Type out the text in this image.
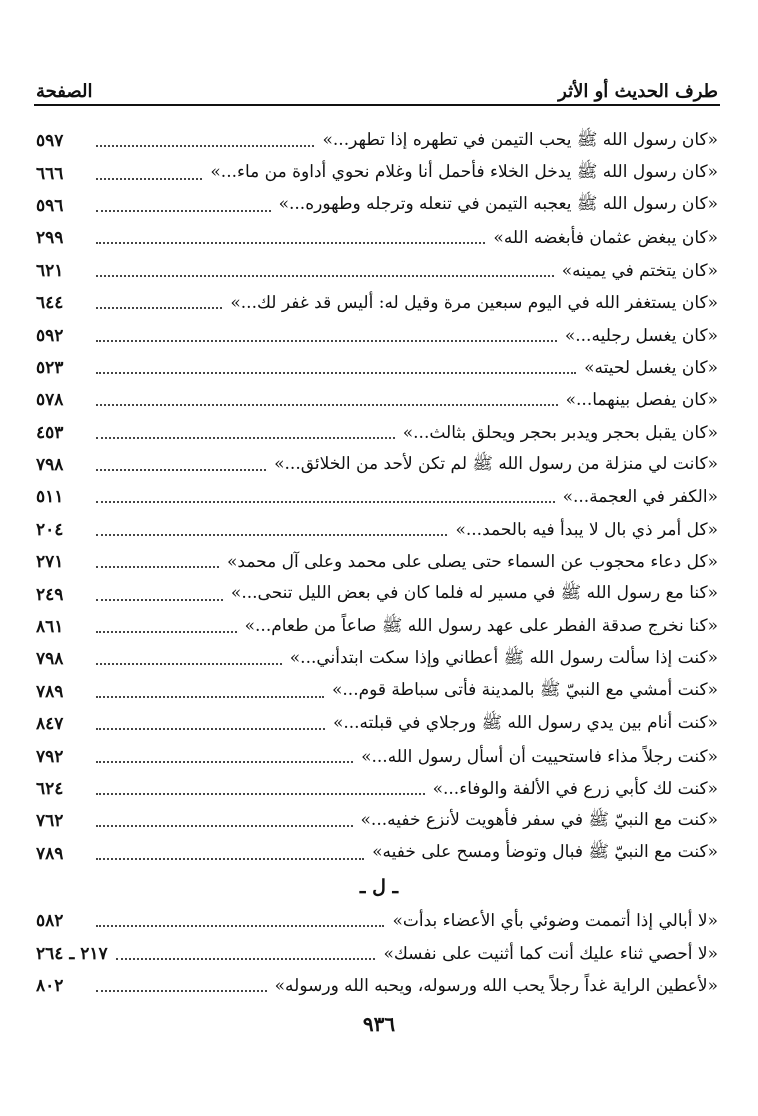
طرف الحديث أو الأثر
الصفحة
«كان رسول الله ﷺ يحب التيمن في تطهره إذا تطهر...»
٥٩٧
«كان رسول الله ﷺ يدخل الخلاء فأحمل أنا وغلام نحوي أداوة من ماء...»
٦٦٦
«كان رسول الله ﷺ يعجبه التيمن في تنعله وترجله وطهوره...»
٥٩٦
«كان يبغض عثمان فأبغضه الله»
٢٩٩
«كان يتختم في يمينه»
٦٢١
«كان يستغفر الله في اليوم سبعين مرة وقيل له: أليس قد غفر لك...»
٦٤٤
«كان يغسل رجليه...»
٥٩٢
«كان يغسل لحيته»
٥٢٣
«كان يفصل بينهما...»
٥٧٨
«كان يقبل بحجر ويدبر بحجر ويحلق بثالث...»
٤٥٣
«كانت لي منزلة من رسول الله ﷺ لم تكن لأحد من الخلائق...»
٧٩٨
«الكفر في العجمة...»
٥١١
«كل أمر ذي بال لا يبدأ فيه بالحمد...»
٢٠٤
«كل دعاء محجوب عن السماء حتى يصلى على محمد وعلى آل محمد»
٢٧١
«كنا مع رسول الله ﷺ في مسير له فلما كان في بعض الليل تنحى...»
٢٤٩
«كنا نخرج صدقة الفطر على عهد رسول الله ﷺ صاعاً من طعام...»
٨٦١
«كنت إذا سألت رسول الله ﷺ أعطاني وإذا سكت ابتدأني...»
٧٩٨
«كنت أمشي مع النبيّ ﷺ بالمدينة فأتى سباطة قوم...»
٧٨٩
«كنت أنام بين يدي رسول الله ﷺ ورجلاي في قبلته...»
٨٤٧
«كنت رجلاً مذاء فاستحييت أن أسأل رسول الله...»
٧٩٢
«كنت لك كأبي زرع في الألفة والوفاء...»
٦٢٤
«كنت مع النبيّ ﷺ في سفر فأهويت لأنزع خفيه...»
٧٦٢
«كنت مع النبيّ ﷺ فبال وتوضأ ومسح على خفيه»
٧٨٩
ـ ل ـ
«لا أبالي إذا أتممت وضوئي بأي الأعضاء بدأت»
٥٨٢
«لا أحصي ثناء عليك أنت كما أثنيت على نفسك»
٢١٧ ـ ٢٦٤
«لأعطين الراية غداً رجلاً يحب الله ورسوله، ويحبه الله ورسوله»
٨٠٢
٩٣٦
